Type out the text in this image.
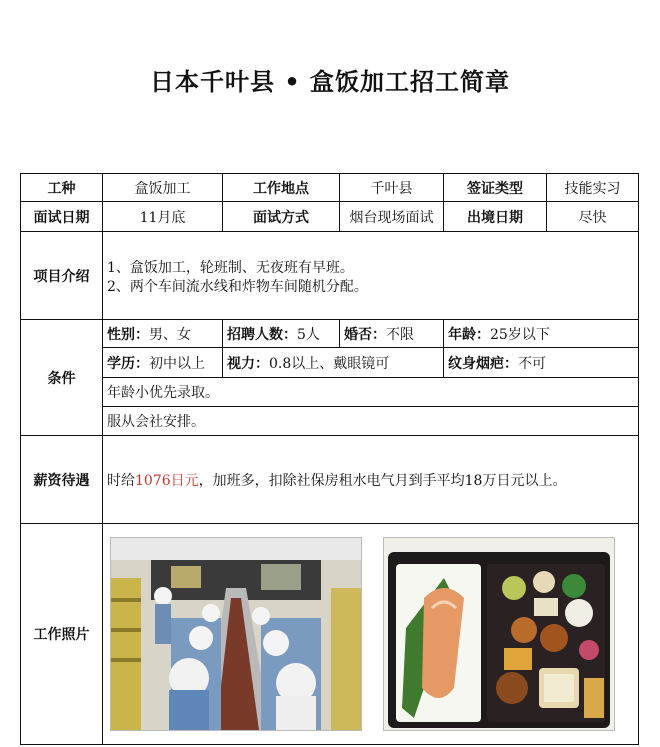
日本千叶县 • 盒饭加工招工简章
工种	盒饭加工	工作地点	千叶县	签证类型	技能实习
面试日期	11月底	面试方式	烟台现场面试	出境日期	尽快
项目介绍	1、盒饭加工，轮班制、无夜班有早班。
2、两个车间流水线和炸物车间随机分配。				

条件	性别：男、女	招聘人数：5人	婚否：不限	年龄：25岁以下	
	学历：初中以上	视力：0.8以上、戴眼镜可		纹身烟疤：不可	
	年龄小优先录取。				
	服从会社安排。				
薪资待遇	时给1076日元，加班多，扣除社保房租水电气月到手平均18万日元以上。				
工作照片	
